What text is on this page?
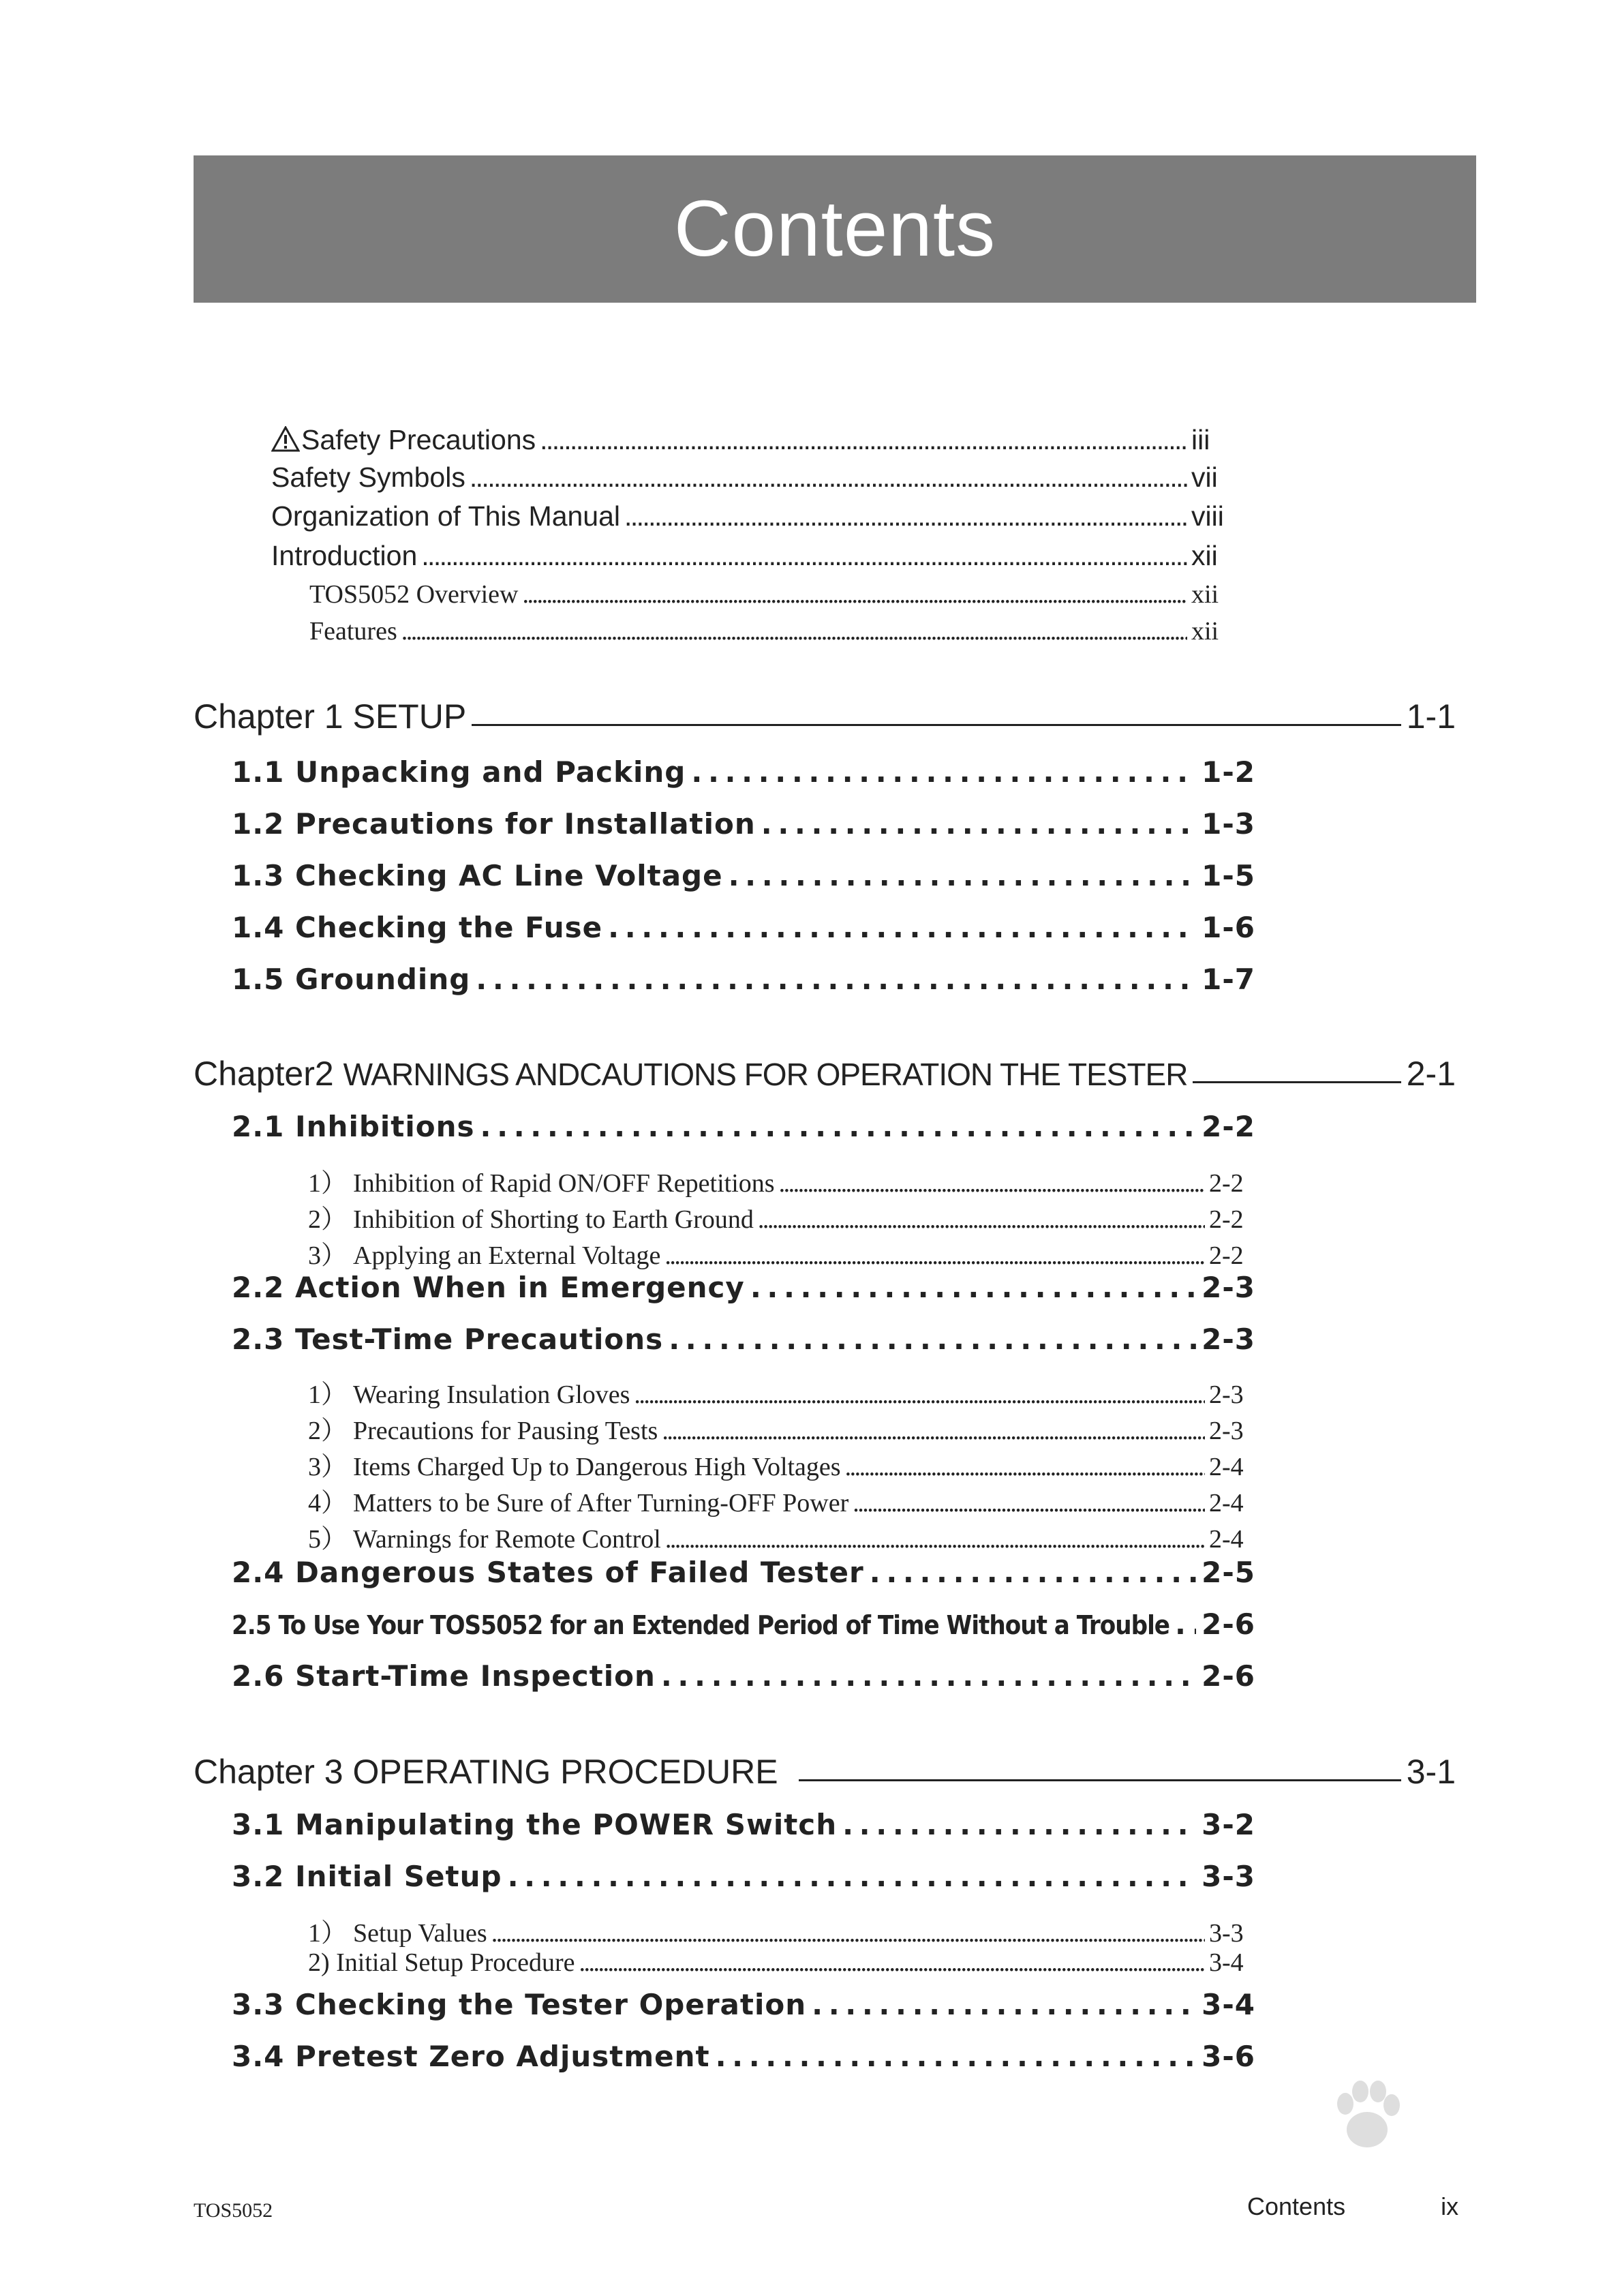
Contents
Safety Precautions . . .	iii
Safety Symbols . . .	vii
Organization of This Manual . . .	viii
Introduction . . .	xii
TOS5052 Overview . . .	xii
Features . . .	xii
Chapter 1 SETUP	1-1
1.1 Unpacking and Packing . . .	1-2
1.2 Precautions for Installation . . .	1-3
1.3 Checking AC Line Voltage . . .	1-5
1.4 Checking the Fuse . . .	1-6
1.5 Grounding . . .	1-7
Chapter2 WARNINGS ANDCAUTIONS FOR OPERATION THE TESTER	2-1
2.1 Inhibitions . . .	2-2
1） Inhibition of Rapid ON/OFF Repetitions . . .	2-2
2） Inhibition of Shorting to Earth Ground . . .	2-2
3） Applying an External Voltage . . .	2-2
2.2 Action When in Emergency . . .	2-3
2.3 Test-Time Precautions . . .	2-3
1） Wearing Insulation Gloves . . .	2-3
2） Precautions for Pausing Tests . . .	2-3
3） Items Charged Up to Dangerous High Voltages . . .	2-4
4） Matters to be Sure of After Turning-OFF Power . . .	2-4
5） Warnings for Remote Control . . .	2-4
2.4 Dangerous States of Failed Tester . . .	2-5
2.5 To Use Your TOS5052 for an Extended Period of Time Without a Trouble . . . 2-6
2.6 Start-Time Inspection . . .	2-6
Chapter 3 OPERATING PROCEDURE	3-1
3.1 Manipulating the POWER Switch . . .	3-2
3.2 Initial Setup . . .	3-3
1） Setup Values . . .	3-3
2) Initial Setup Procedure . . .	3-4
3.3 Checking the Tester Operation . . .	3-4
3.4 Pretest Zero Adjustment . . .	3-6
TOS5052	Contents	ix
